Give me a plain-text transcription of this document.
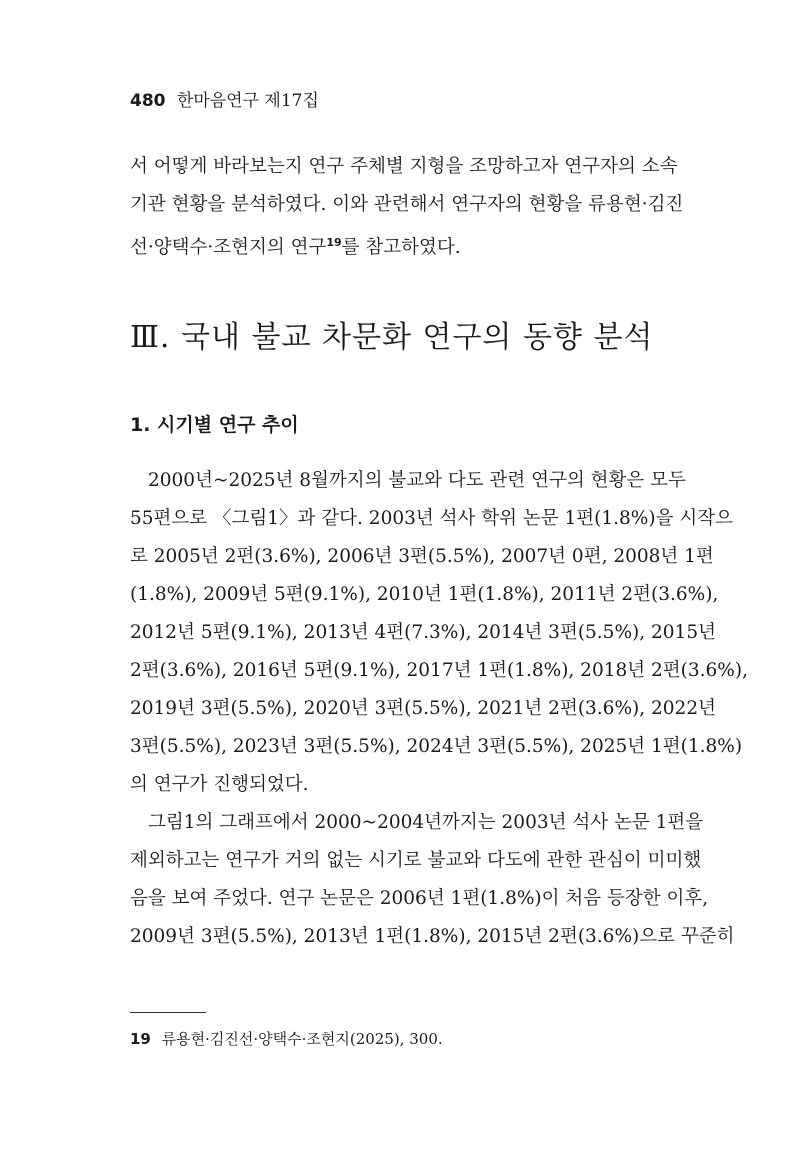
480 한마음연구 제17집
서 어떻게 바라보는지 연구 주체별 지형을 조망하고자 연구자의 소속
기관 현황을 분석하였다. 이와 관련해서 연구자의 현황을 류용현·김진
선·양택수·조현지의 연구$^{19}$를 참고하였다.
Ⅲ. 국내 불교 차문화 연구의 동향 분석
1. 시기별 연구 추이
2000년~2025년 8월까지의 불교와 다도 관련 연구의 현황은 모두
55편으로 〈그림1〉과 같다. 2003년 석사 학위 논문 1편(1.8%)을 시작으
로 2005년 2편(3.6%), 2006년 3편(5.5%), 2007년 0편, 2008년 1편
(1.8%), 2009년 5편(9.1%), 2010년 1편(1.8%), 2011년 2편(3.6%),
2012년 5편(9.1%), 2013년 4편(7.3%), 2014년 3편(5.5%), 2015년
2편(3.6%), 2016년 5편(9.1%), 2017년 1편(1.8%), 2018년 2편(3.6%),
2019년 3편(5.5%), 2020년 3편(5.5%), 2021년 2편(3.6%), 2022년
3편(5.5%), 2023년 3편(5.5%), 2024년 3편(5.5%), 2025년 1편(1.8%)
의 연구가 진행되었다.
그림1의 그래프에서 2000~2004년까지는 2003년 석사 논문 1편을
제외하고는 연구가 거의 없는 시기로 불교와 다도에 관한 관심이 미미했
음을 보여 주었다. 연구 논문은 2006년 1편(1.8%)이 처음 등장한 이후,
2009년 3편(5.5%), 2013년 1편(1.8%), 2015년 2편(3.6%)으로 꾸준히
19 류용현·김진선·양택수·조현지(2025), 300.
